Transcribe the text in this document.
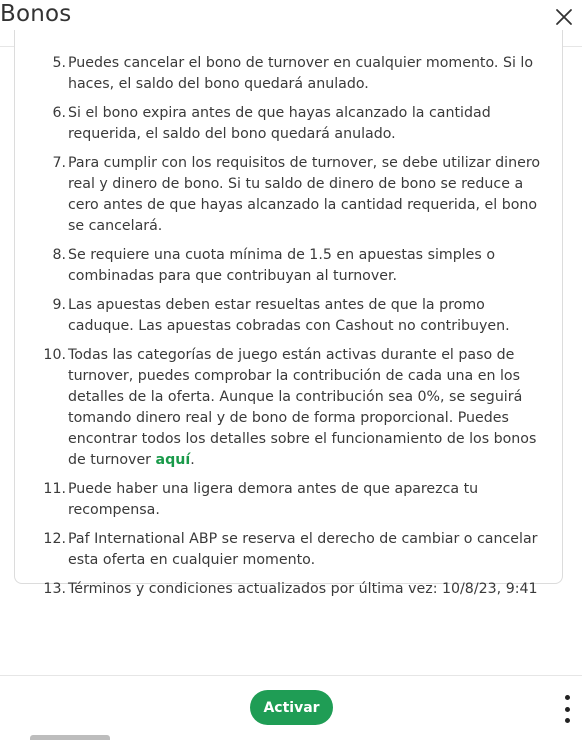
Bonos
5. Puedes cancelar el bono de turnover en cualquier momento. Si lo haces, el saldo del bono quedará anulado.
6. Si el bono expira antes de que hayas alcanzado la cantidad requerida, el saldo del bono quedará anulado.
7. Para cumplir con los requisitos de turnover, se debe utilizar dinero real y dinero de bono. Si tu saldo de dinero de bono se reduce a cero antes de que hayas alcanzado la cantidad requerida, el bono se cancelará.
8. Se requiere una cuota mínima de 1.5 en apuestas simples o combinadas para que contribuyan al turnover.
9. Las apuestas deben estar resueltas antes de que la promo caduque. Las apuestas cobradas con Cashout no contribuyen.
10. Todas las categorías de juego están activas durante el paso de turnover, puedes comprobar la contribución de cada una en los detalles de la oferta. Aunque la contribución sea 0%, se seguirá tomando dinero real y de bono de forma proporcional. Puedes encontrar todos los detalles sobre el funcionamiento de los bonos de turnover aquí.
11. Puede haber una ligera demora antes de que aparezca tu recompensa.
12. Paf International ABP se reserva el derecho de cambiar o cancelar esta oferta en cualquier momento.
13. Términos y condiciones actualizados por última vez: 10/8/23, 9:41
Activar
